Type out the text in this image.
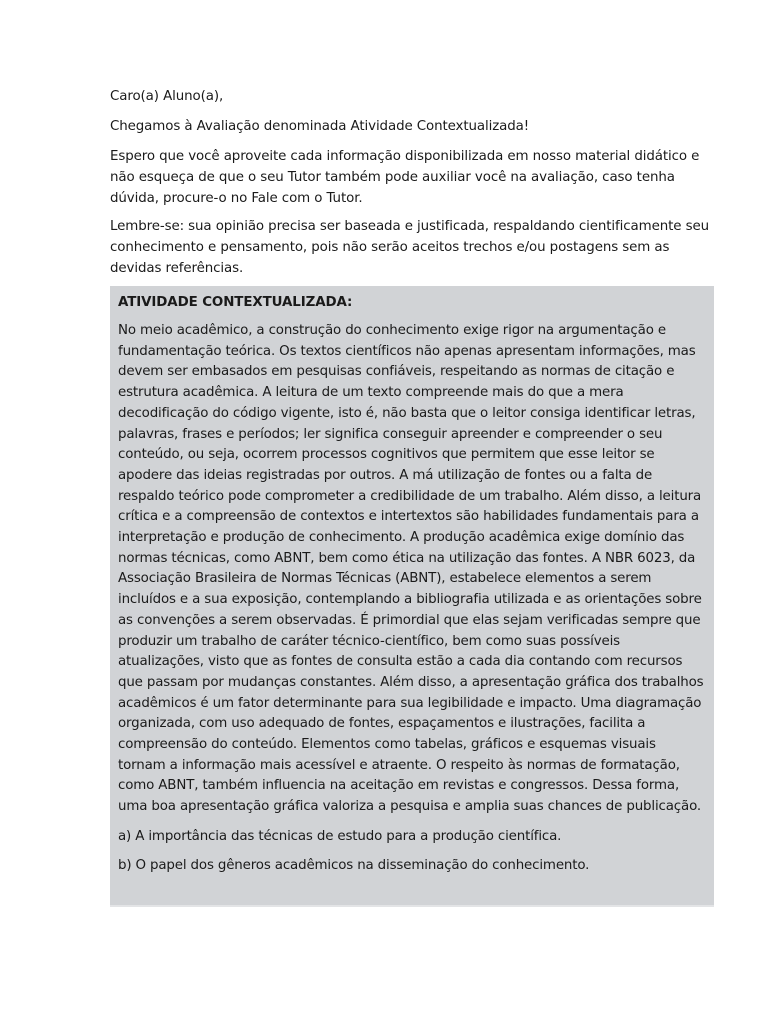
Caro(a) Aluno(a),

Chegamos à Avaliação denominada Atividade Contextualizada!

Espero que você aproveite cada informação disponibilizada em nosso material didático e não esqueça de que o seu Tutor também pode auxiliar você na avaliação, caso tenha dúvida, procure-o no Fale com o Tutor.

Lembre-se: sua opinião precisa ser baseada e justificada, respaldando cientificamente seu conhecimento e pensamento, pois não serão aceitos trechos e/ou postagens sem as devidas referências.

ATIVIDADE CONTEXTUALIZADA:

No meio acadêmico, a construção do conhecimento exige rigor na argumentação e fundamentação teórica. Os textos científicos não apenas apresentam informações, mas devem ser embasados em pesquisas confiáveis, respeitando as normas de citação e estrutura acadêmica. A leitura de um texto compreende mais do que a mera decodificação do código vigente, isto é, não basta que o leitor consiga identificar letras, palavras, frases e períodos; ler significa conseguir apreender e compreender o seu conteúdo, ou seja, ocorrem processos cognitivos que permitem que esse leitor se apodere das ideias registradas por outros. A má utilização de fontes ou a falta de respaldo teórico pode comprometer a credibilidade de um trabalho. Além disso, a leitura crítica e a compreensão de contextos e intertextos são habilidades fundamentais para a interpretação e produção de conhecimento. A produção acadêmica exige domínio das normas técnicas, como ABNT, bem como ética na utilização das fontes. A NBR 6023, da Associação Brasileira de Normas Técnicas (ABNT), estabelece elementos a serem incluídos e a sua exposição, contemplando a bibliografia utilizada e as orientações sobre as convenções a serem observadas. É primordial que elas sejam verificadas sempre que produzir um trabalho de caráter técnico-científico, bem como suas possíveis atualizações, visto que as fontes de consulta estão a cada dia contando com recursos que passam por mudanças constantes. Além disso, a apresentação gráfica dos trabalhos acadêmicos é um fator determinante para sua legibilidade e impacto. Uma diagramação organizada, com uso adequado de fontes, espaçamentos e ilustrações, facilita a compreensão do conteúdo. Elementos como tabelas, gráficos e esquemas visuais tornam a informação mais acessível e atraente. O respeito às normas de formatação, como ABNT, também influencia na aceitação em revistas e congressos. Dessa forma, uma boa apresentação gráfica valoriza a pesquisa e amplia suas chances de publicação.

a) A importância das técnicas de estudo para a produção científica.

b) O papel dos gêneros acadêmicos na disseminação do conhecimento.
